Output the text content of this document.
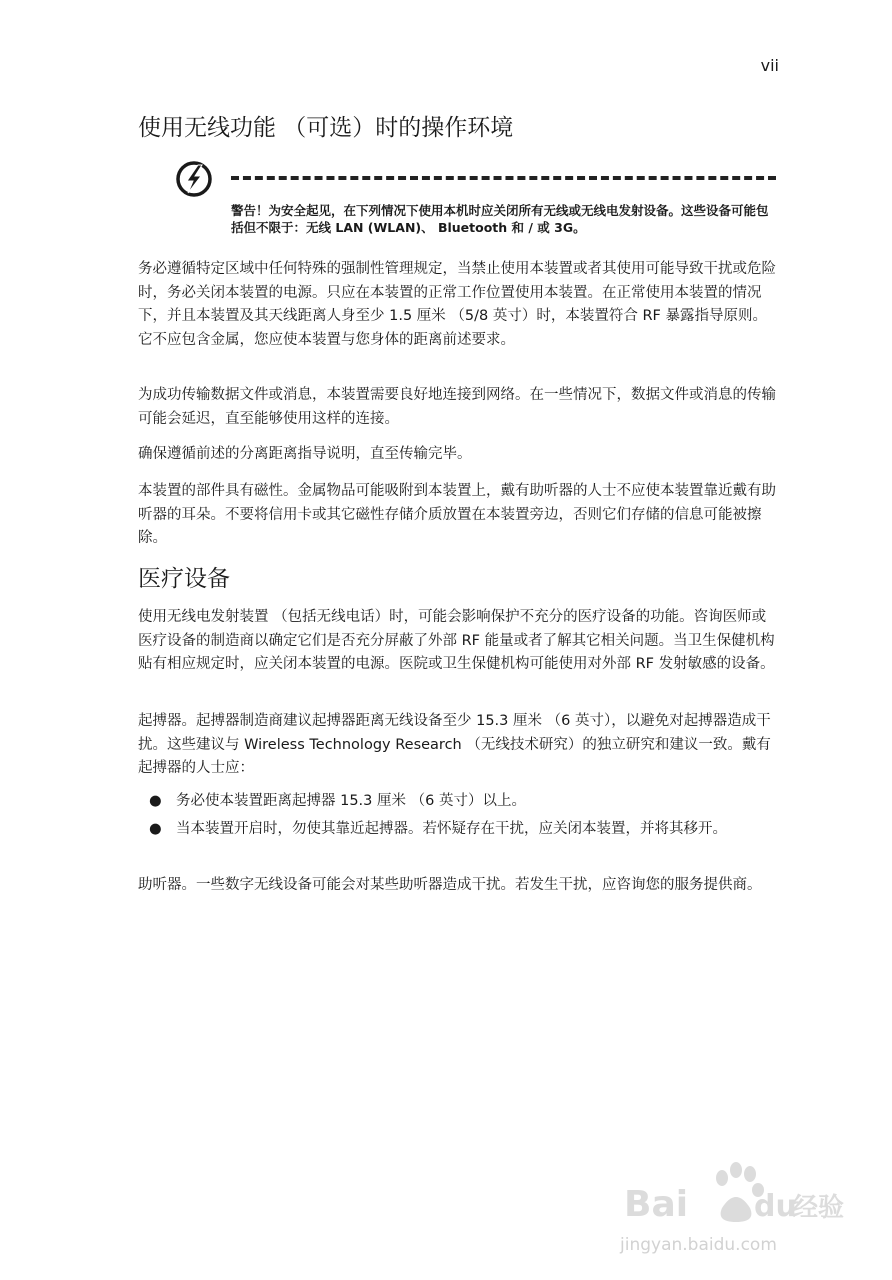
vii
使用无线功能 （可选）时的操作环境

警告！为安全起见，在下列情况下使用本机时应关闭所有无线或无线电发射设备。这些设备可能包括但不限于：无线 LAN (WLAN)、 Bluetooth 和 / 或 3G。

务必遵循特定区域中任何特殊的强制性管理规定，当禁止使用本装置或者其使用可能导致干扰或危险时，务必关闭本装置的电源。只应在本装置的正常工作位置使用本装置。在正常使用本装置的情况下，并且本装置及其天线距离人身至少 1.5 厘米 （5/8 英寸）时，本装置符合 RF 暴露指导原则。它不应包含金属，您应使本装置与您身体的距离前述要求。

为成功传输数据文件或消息，本装置需要良好地连接到网络。在一些情况下，数据文件或消息的传输可能会延迟，直至能够使用这样的连接。

确保遵循前述的分离距离指导说明，直至传输完毕。

本装置的部件具有磁性。金属物品可能吸附到本装置上，戴有助听器的人士不应使本装置靠近戴有助听器的耳朵。不要将信用卡或其它磁性存储介质放置在本装置旁边，否则它们存储的信息可能被擦除。

医疗设备

使用无线电发射装置 （包括无线电话）时，可能会影响保护不充分的医疗设备的功能。咨询医师或医疗设备的制造商以确定它们是否充分屏蔽了外部 RF 能量或者了解其它相关问题。当卫生保健机构贴有相应规定时，应关闭本装置的电源。医院或卫生保健机构可能使用对外部 RF 发射敏感的设备。

起搏器。起搏器制造商建议起搏器距离无线设备至少 15.3 厘米 （6 英寸），以避免对起搏器造成干扰。这些建议与 Wireless Technology Research （无线技术研究）的独立研究和建议一致。戴有起搏器的人士应：

● 务必使本装置距离起搏器 15.3 厘米 （6 英寸）以上。
● 当本装置开启时，勿使其靠近起搏器。若怀疑存在干扰，应关闭本装置，并将其移开。

助听器。一些数字无线设备可能会对某些助听器造成干扰。若发生干扰，应咨询您的服务提供商。

Bai du
经验
jingyan.baidu.com
